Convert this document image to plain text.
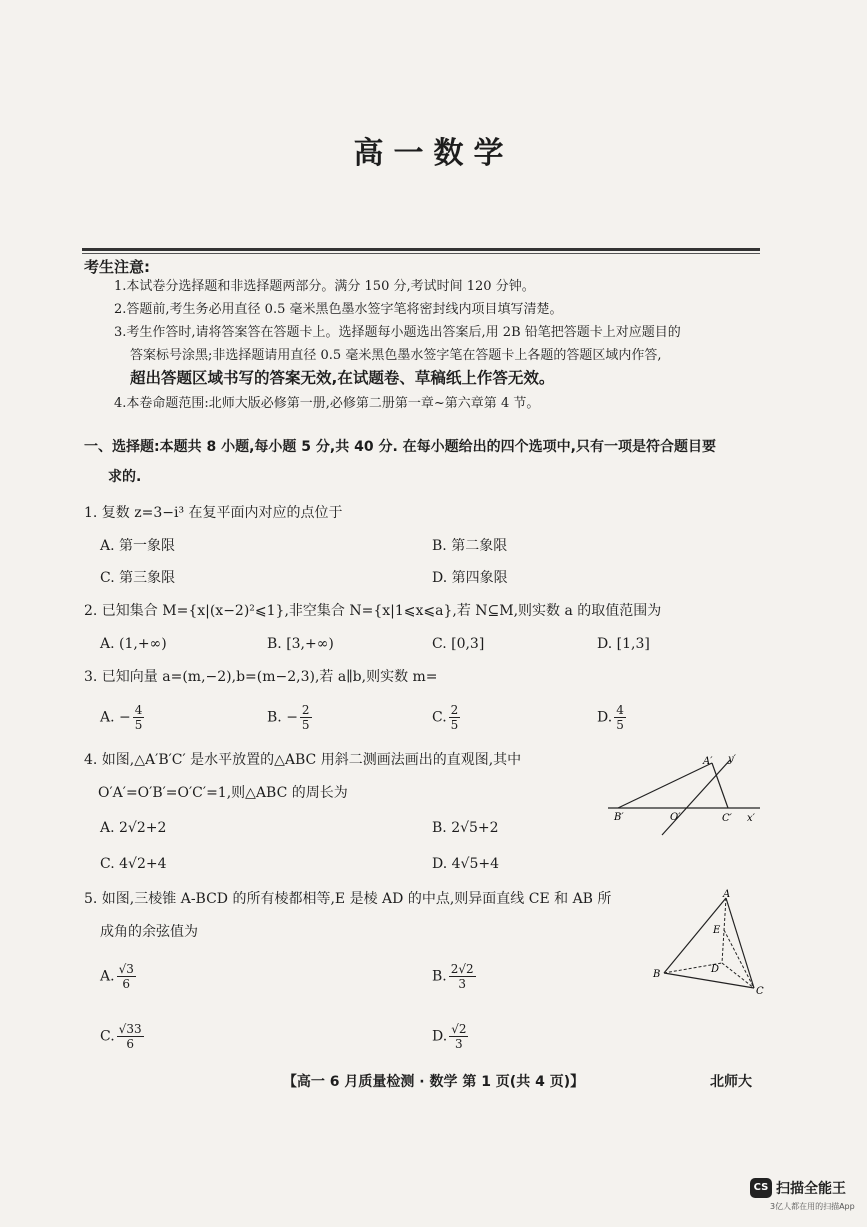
高一数学
考生注意:
1.本试卷分选择题和非选择题两部分。满分 150 分,考试时间 120 分钟。
2.答题前,考生务必用直径 0.5 毫米黑色墨水签字笔将密封线内项目填写清楚。
3.考生作答时,请将答案答在答题卡上。选择题每小题选出答案后,用 2B 铅笔把答题卡上对应题目的
答案标号涂黑;非选择题请用直径 0.5 毫米黑色墨水签字笔在答题卡上各题的答题区域内作答,
超出答题区域书写的答案无效,在试题卷、草稿纸上作答无效。
4.本卷命题范围:北师大版必修第一册,必修第二册第一章~第六章第 4 节。
一、选择题:本题共 8 小题,每小题 5 分,共 40 分. 在每小题给出的四个选项中,只有一项是符合题目要
求的.
1. 复数 z=3−i³ 在复平面内对应的点位于
A. 第一象限	B. 第二象限
C. 第三象限	D. 第四象限
2. 已知集合 M={x|(x−2)²⩽1},非空集合 N={x|1⩽x⩽a},若 N⊆M,则实数 a 的取值范围为
A. (1,+∞)	B. [3,+∞)	C. [0,3]	D. [1,3]
3. 已知向量 a=(m,−2),b=(m−2,3),若 a∥b,则实数 m=
A. − $\frac{4}{5}$	B. − $\frac{2}{5}$	C. $\frac{2}{5}$	D. $\frac{4}{5}$
4. 如图,△A′B′C′ 是水平放置的△ABC 用斜二测画法画出的直观图,其中
O′A′=O′B′=O′C′=1,则△ABC 的周长为
A. 2√2+2	B. 2√5+2
C. 4√2+4	D. 4√5+4
A′ y′
B′	O′	C′ x′
5. 如图,三棱锥 A-BCD 的所有棱都相等,E 是棱 AD 的中点,则异面直线 CE 和 AB 所
成角的余弦值为
A. $\frac{√3}{6}$	B. $\frac{2√2}{3}$
C. $\frac{√33}{6}$	D. $\frac{√2}{3}$
A
B
C
D
E
【高一 6 月质量检测 · 数学 第 1 页(共 4 页)】	北师大
CS 扫描全能王
3亿人都在用的扫描App
